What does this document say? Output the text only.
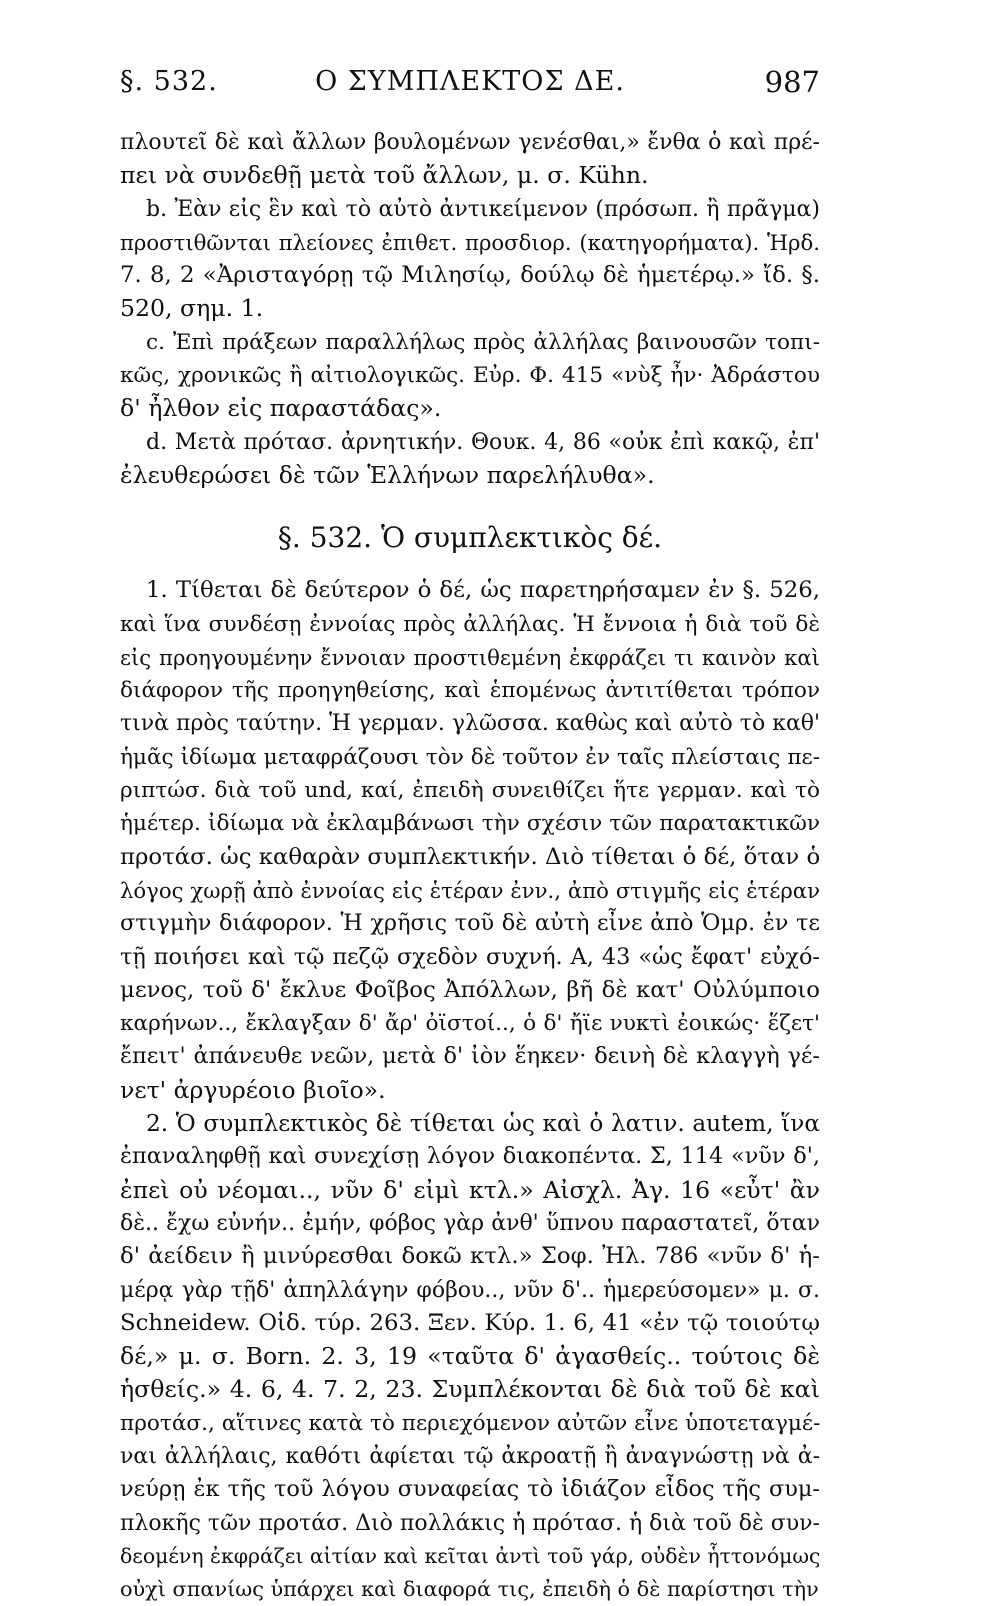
§. 532.	Ο ΣΥΜΠΛΕΚΤΟΣ ΔΕ.	987
πλουτεῖ δὲ καὶ ἄλλων βουλομένων γενέσθαι,» ἔνθα ὁ καὶ πρέ-
πει νὰ συνδεθῇ μετὰ τοῦ ἄλλων, μ. σ. Kühn.
b. Ἐὰν εἰς ἓν καὶ τὸ αὐτὸ ἀντικείμενον (πρόσωπ. ἢ πρᾶγμα)
προστιθῶνται πλείονες ἐπιθετ. προσδιορ. (κατηγορήματα). Ἡρδ.
7. 8, 2 «Ἀρισταγόρῃ τῷ Μιλησίῳ, δούλῳ δὲ ἡμετέρῳ.» ἴδ. §.
520, σημ. 1.
c. Ἐπὶ πράξεων παραλλήλως πρὸς ἀλλήλας βαινουσῶν τοπι-
κῶς, χρονικῶς ἢ αἰτιολογικῶς. Εὐρ. Φ. 415 «νὺξ ἦν· Ἀδράστου
δ' ἦλθον εἰς παραστάδας».
d. Μετὰ πρότασ. ἀρνητικήν. Θουκ. 4, 86 «οὐκ ἐπὶ κακῷ, ἐπ'
ἐλευθερώσει δὲ τῶν Ἑλλήνων παρελήλυθα».
§. 532. Ὁ συμπλεκτικὸς δέ.
1. Τίθεται δὲ δεύτερον ὁ δέ, ὡς παρετηρήσαμεν ἐν §. 526,
καὶ ἵνα συνδέσῃ ἐννοίας πρὸς ἀλλήλας. Ἡ ἔννοια ἡ διὰ τοῦ δὲ
εἰς προηγουμένην ἔννοιαν προστιθεμένη ἐκφράζει τι καινὸν καὶ
διάφορον τῆς προηγηθείσης, καὶ ἑπομένως ἀντιτίθεται τρόπον
τινὰ πρὸς ταύτην. Ἡ γερμαν. γλῶσσα. καθὼς καὶ αὐτὸ τὸ καθ'
ἡμᾶς ἰδίωμα μεταφράζουσι τὸν δὲ τοῦτον ἐν ταῖς πλείσταις πε-
ριπτώσ. διὰ τοῦ und, καί, ἐπειδὴ συνειθίζει ἥτε γερμαν. καὶ τὸ
ἡμέτερ. ἰδίωμα νὰ ἐκλαμβάνωσι τὴν σχέσιν τῶν παρατακτικῶν
προτάσ. ὡς καθαρὰν συμπλεκτικήν. Διὸ τίθεται ὁ δέ, ὅταν ὁ
λόγος χωρῇ ἀπὸ ἐννοίας εἰς ἑτέραν ἐνν., ἀπὸ στιγμῆς εἰς ἑτέραν
στιγμὴν διάφορον. Ἡ χρῆσις τοῦ δὲ αὐτὴ εἶνε ἀπὸ Ὁμρ. ἐν τε
τῇ ποιήσει καὶ τῷ πεζῷ σχεδὸν συχνή. Α, 43 «ὡς ἔφατ' εὐχό-
μενος, τοῦ δ' ἔκλυε Φοῖβος Ἀπόλλων, βῆ δὲ κατ' Οὐλύμποιο
καρήνων.., ἔκλαγξαν δ' ἄρ' ὀϊστοί.., ὁ δ' ἤϊε νυκτὶ ἐοικώς· ἕζετ'
ἔπειτ' ἀπάνευθε νεῶν, μετὰ δ' ἰὸν ἕηκεν· δεινὴ δὲ κλαγγὴ γέ-
νετ' ἀργυρέοιο βιοῖο».
2. Ὁ συμπλεκτικὸς δὲ τίθεται ὡς καὶ ὁ λατιν. autem, ἵνα
ἐπαναληφθῇ καὶ συνεχίσῃ λόγον διακοπέντα. Σ, 114 «νῦν δ',
ἐπεὶ οὐ νέομαι.., νῦν δ' εἰμὶ κτλ.» Αἰσχλ. Ἀγ. 16 «εὖτ' ἂν
δὲ.. ἔχω εὐνήν.. ἐμήν, φόβος γὰρ ἀνθ' ὕπνου παραστατεῖ, ὅταν
δ' ἀείδειν ἢ μινύρεσθαι δοκῶ κτλ.» Σοφ. Ἠλ. 786 «νῦν δ' ἡ-
μέρᾳ γὰρ τῇδ' ἀπηλλάγην φόβου.., νῦν δ'.. ἡμερεύσομεν» μ. σ.
Schneidew. Οἰδ. τύρ. 263. Ξεν. Κύρ. 1. 6, 41 «ἐν τῷ τοιούτῳ
δέ,» μ. σ. Born. 2. 3, 19 «ταῦτα δ' ἀγασθείς.. τούτοις δὲ
ἡσθείς.» 4. 6, 4. 7. 2, 23. Συμπλέκονται δὲ διὰ τοῦ δὲ καὶ
προτάσ., αἵτινες κατὰ τὸ περιεχόμενον αὐτῶν εἶνε ὑποτεταγμέ-
ναι ἀλλήλαις, καθότι ἀφίεται τῷ ἀκροατῇ ἢ ἀναγνώστῃ νὰ ἀ-
νεύρῃ ἐκ τῆς τοῦ λόγου συναφείας τὸ ἰδιάζον εἶδος τῆς συμ-
πλοκῆς τῶν προτάσ. Διὸ πολλάκις ἡ πρότασ. ἡ διὰ τοῦ δὲ συν-
δεομένη ἐκφράζει αἰτίαν καὶ κεῖται ἀντὶ τοῦ γάρ, οὐδὲν ἧττονόμως
οὐχὶ σπανίως ὑπάρχει καὶ διαφορά τις, ἐπειδὴ ὁ δὲ παρίστησι τὴν
